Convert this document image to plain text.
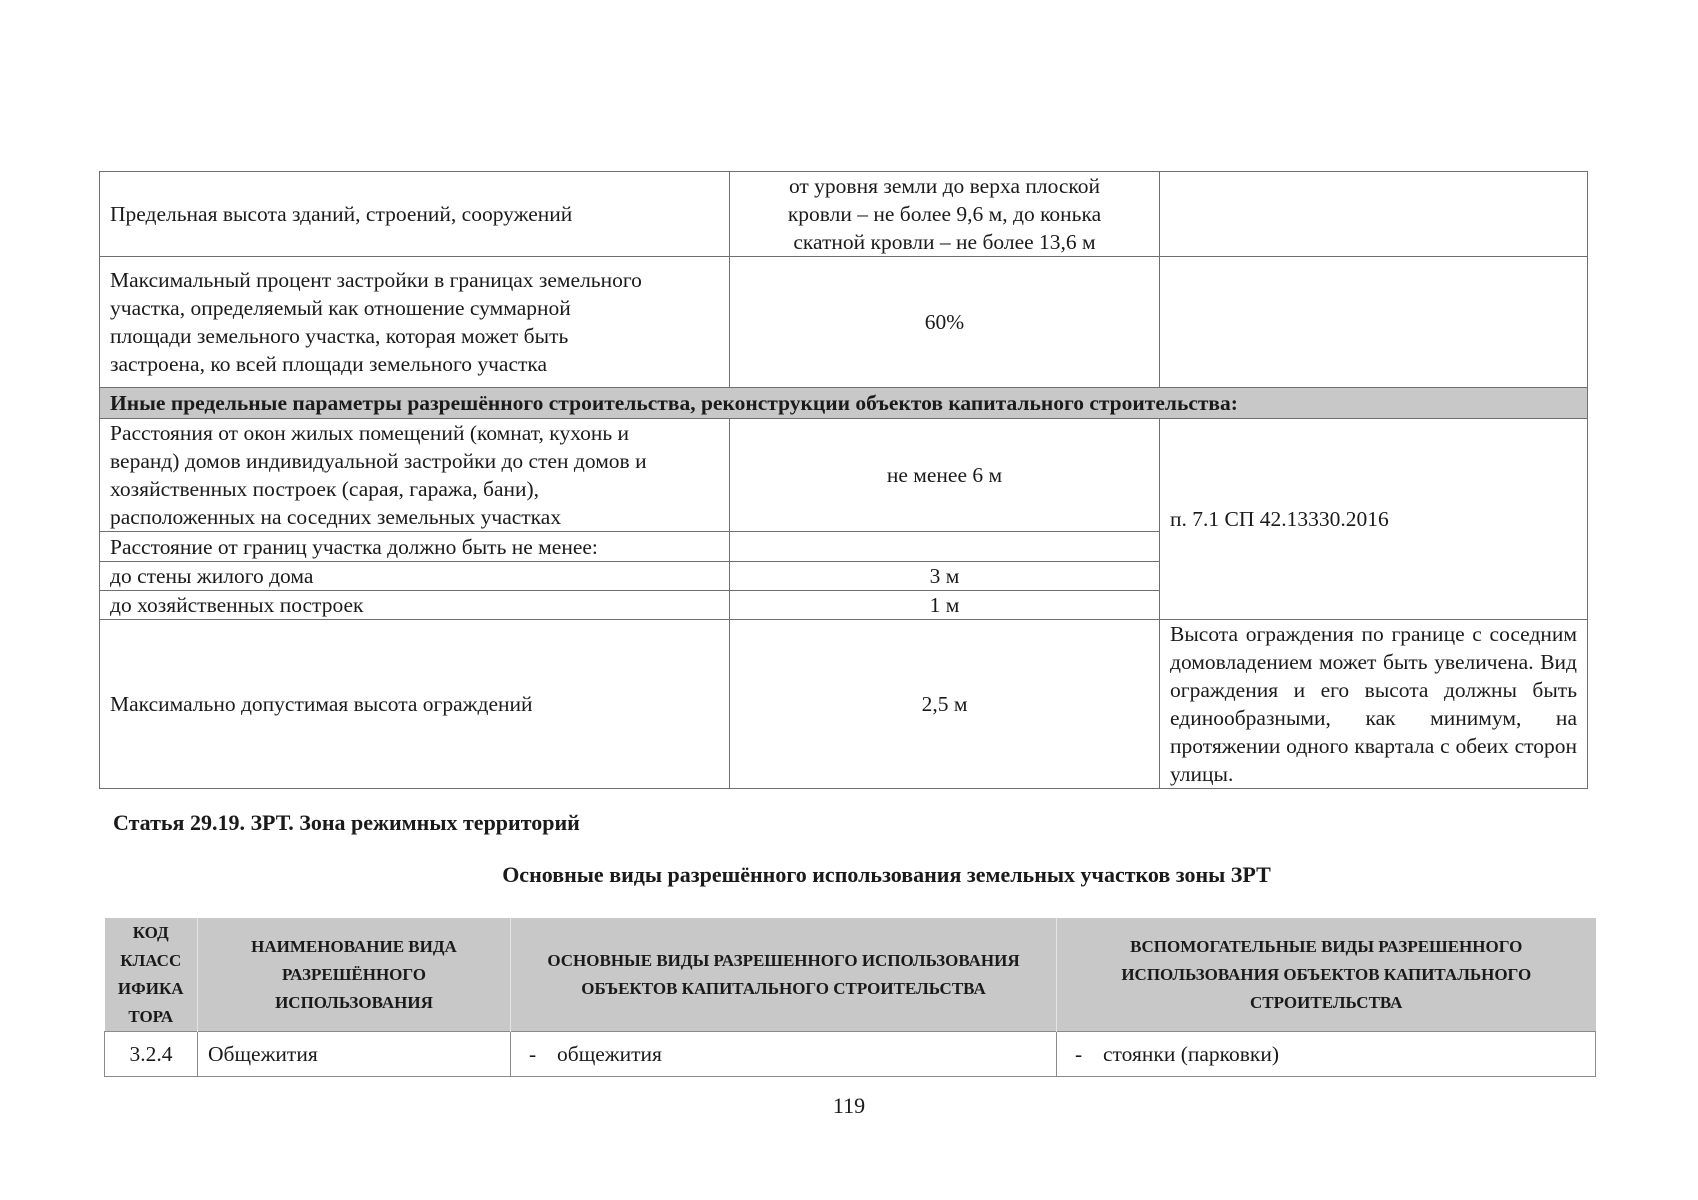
Предельная высота зданий, строений, сооружений	от уровня земли до верха плоской
кровли – не более 9,6 м, до конька
скатной кровли – не более 13,6 м	

Максимальный процент застройки в границах земельного
участка, определяемый как отношение суммарной
площади земельного участка, которая может быть
застроена, ко всей площади земельного участка	60%	
Иные предельные параметры разрешённого строительства, реконструкции объектов капитального строительства:		

Расстояния от окон жилых помещений (комнат, кухонь и
веранд) домов индивидуальной застройки до стен домов и
хозяйственных построек (сарая, гаража, бани),
расположенных на соседних земельных участках	не менее 6 м	п. 7.1 СП 42.13330.2016
Расстояние от границ участка должно быть не менее:		
до стены жилого дома	3 м	
до хозяйственных построек	1 м	
Максимально допустимая высота ограждений	2,5 м	Высота ограждения по границе с соседним домовладением может быть увеличена. Вид ограждения и его высота должны быть единообразными, как минимум, на протяжении одного квартала с обеих сторон улицы.
Статья 29.19. ЗРТ. Зона режимных территорий
Основные виды разрешённого использования земельных участков зоны ЗРТ
КОД
КЛАСС
ИФИКА
ТОРА	НАИМЕНОВАНИЕ ВИДА РАЗРЕШЁННОГО ИСПОЛЬЗОВАНИЯ	ОСНОВНЫЕ ВИДЫ РАЗРЕШЕННОГО ИСПОЛЬЗОВАНИЯ ОБЪЕКТОВ КАПИТАЛЬНОГО СТРОИТЕЛЬСТВА	ВСПОМОГАТЕЛЬНЫЕ ВИДЫ РАЗРЕШЕННОГО ИСПОЛЬЗОВАНИЯ ОБЪЕКТОВ КАПИТАЛЬНОГО СТРОИТЕЛЬСТВА
3.2.4	Общежития	- общежития	- стоянки (парковки)
119
